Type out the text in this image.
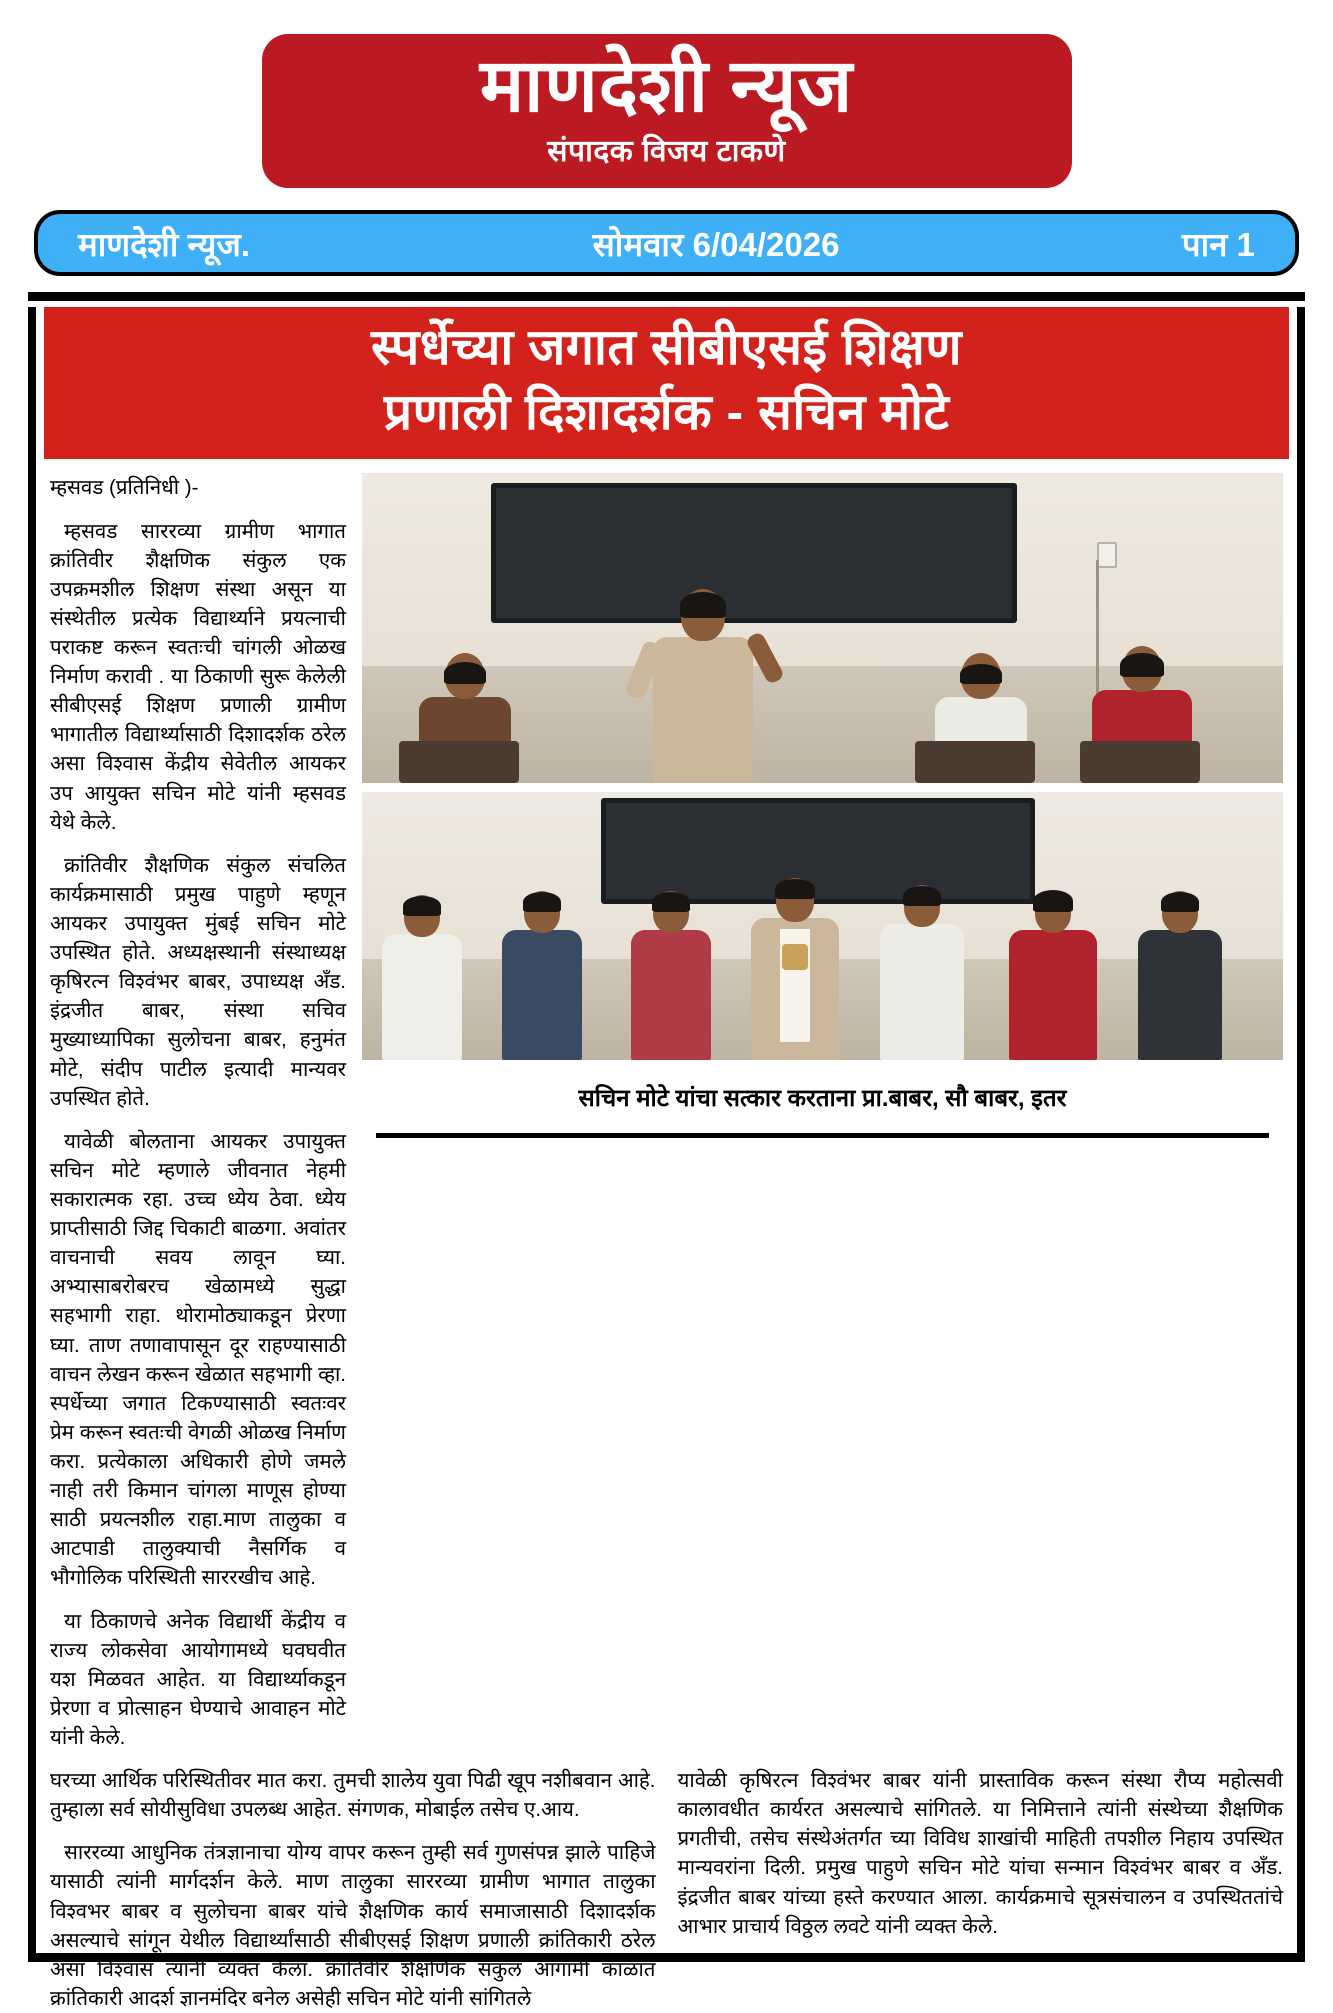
माणदेशी न्यूज
संपादक विजय टाकणे
माणदेशी न्यूज.	सोमवार 6/04/2026	पान 1
स्पर्धेच्या जगात सीबीएसई शिक्षण
प्रणाली दिशादर्शक - सचिन मोटे

म्हसवड (प्रतिनिधी )-

म्हसवड साररव्या ग्रामीण भागात क्रांतिवीर शैक्षणिक संकुल एक उपक्रमशील शिक्षण संस्था असून या संस्थेतील प्रत्येक विद्यार्थ्याने प्रयत्नाची पराकष्ट करून स्वतःची चांगली ओळख निर्माण करावी . या ठिकाणी सुरू केलेली सीबीएसई शिक्षण प्रणाली ग्रामीण भागातील विद्यार्थ्यासाठी दिशादर्शक ठरेल असा विश्वास केंद्रीय सेवेतील आयकर उप आयुक्त सचिन मोटे यांनी म्हसवड येथे केले.

क्रांतिवीर शैक्षणिक संकुल संचलित कार्यक्रमासाठी प्रमुख पाहुणे म्हणून आयकर उपायुक्त मुंबई सचिन मोटे उपस्थित होते. अध्यक्षस्थानी संस्थाध्यक्ष कृषिरत्न विश्वंभर बाबर, उपाध्यक्ष अँड. इंद्रजीत बाबर, संस्था सचिव मुख्याध्यापिका सुलोचना बाबर, हनुमंत मोटे, संदीप पाटील इत्यादी मान्यवर उपस्थित होते.

यावेळी बोलताना आयकर उपायुक्त सचिन मोटे म्हणाले जीवनात नेहमी सकारात्मक रहा. उच्च ध्येय ठेवा. ध्येय प्राप्तीसाठी जिद्द चिकाटी बाळगा. अवांतर वाचनाची सवय लावून घ्या. अभ्यासाबरोबरच खेळामध्ये सुद्धा सहभागी राहा. थोरामोठ्याकडून प्रेरणा घ्या. ताण तणावापासून दूर राहण्यासाठी वाचन लेखन करून खेळात सहभागी व्हा. स्पर्धेच्या जगात टिकण्यासाठी स्वतःवर प्रेम करून स्वतःची वेगळी ओळख निर्माण करा. प्रत्येकाला अधिकारी होणे जमले नाही तरी किमान चांगला माणूस होण्या साठी प्रयत्नशील राहा.माण तालुका व आटपाडी तालुक्याची नैसर्गिक व भौगोलिक परिस्थिती साररखीच आहे.

या ठिकाणचे अनेक विद्यार्थी केंद्रीय व राज्य लोकसेवा आयोगामध्ये घवघवीत यश मिळवत आहेत. या विद्यार्थ्याकडून प्रेरणा व प्रोत्साहन घेण्याचे आवाहन मोटे यांनी केले.

सचिन मोटे यांचा सत्कार करताना प्रा.बाबर, सौ बाबर, इतर

घरच्या आर्थिक परिस्थितीवर मात करा. तुमची शालेय युवा पिढी खूप नशीबवान आहे. तुम्हाला सर्व सोयीसुविधा उपलब्ध आहेत. संगणक, मोबाईल तसेच ए.आय.

साररव्या आधुनिक तंत्रज्ञानाचा योग्य वापर करून तुम्ही सर्व गुणसंपन्न झाले पाहिजे यासाठी त्यांनी मार्गदर्शन केले. माण तालुका साररव्या ग्रामीण भागात तालुका विश्वभर बाबर व सुलोचना बाबर यांचे शैक्षणिक कार्य समाजासाठी दिशादर्शक असल्याचे सांगून येथील विद्यार्थ्यांसाठी सीबीएसई शिक्षण प्रणाली क्रांतिकारी ठरेल असा विश्वास त्यांनी व्यक्त केला. क्रांतिवीर शैक्षणिक संकुल आगामी काळात क्रांतिकारी आदर्श ज्ञानमंदिर बनेल असेही सचिन मोटे यांनी सांगितले

यावेळी कृषिरत्न विश्वंभर बाबर यांनी प्रास्ताविक करून संस्था रौप्य महोत्सवी कालावधीत कार्यरत असल्याचे सांगितले. या निमित्ताने त्यांनी संस्थेच्या शैक्षणिक प्रगतीची, तसेच संस्थेअंतर्गत च्या विविध शाखांची माहिती तपशील निहाय उपस्थित मान्यवरांना दिली. प्रमुख पाहुणे सचिन मोटे यांचा सन्मान विश्वंभर बाबर व अँड. इंद्रजीत बाबर यांच्या हस्ते करण्यात आला. कार्यक्रमाचे सूत्रसंचालन व उपस्थिततांचे आभार प्राचार्य विठ्ठल लवटे यांनी व्यक्त केले.
